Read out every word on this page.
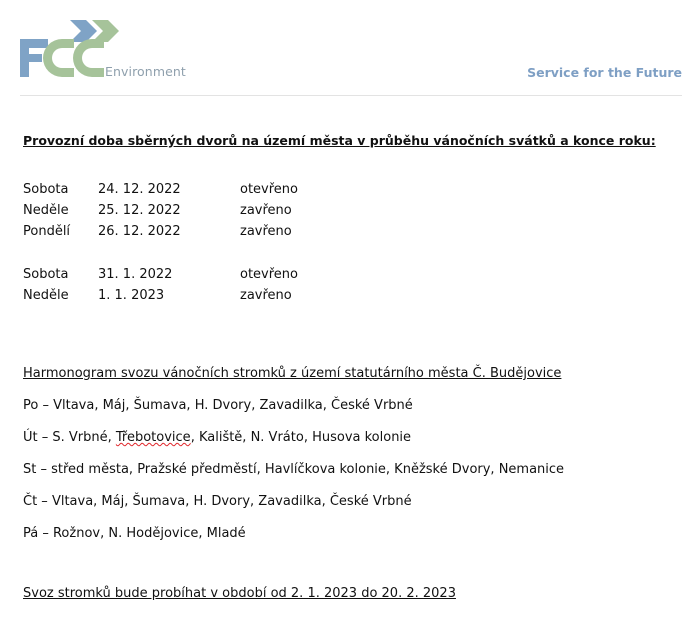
Environment	Service for the Future
Provozní doba sběrných dvorů na území města v průběhu vánočních svátků a konce roku:
Sobota 24. 12. 2022	otevřeno
Neděle 25. 12. 2022	zavřeno
Pondělí 26. 12. 2022	zavřeno
Sobota 31. 1. 2022	otevřeno
Neděle 1. 1. 2023	zavřeno
Harmonogram svozu vánočních stromků z území statutárního města Č. Budějovice
Po – Vltava, Máj, Šumava, H. Dvory, Zavadilka, České Vrbné
Út – S. Vrbné, Třebotovice, Kaliště, N. Vráto, Husova kolonie
St – střed města, Pražské předměstí, Havlíčkova kolonie, Kněžské Dvory, Nemanice
Čt – Vltava, Máj, Šumava, H. Dvory, Zavadilka, České Vrbné
Pá – Rožnov, N. Hodějovice, Mladé
Svoz stromků bude probíhat v období od 2. 1. 2023 do 20. 2. 2023
